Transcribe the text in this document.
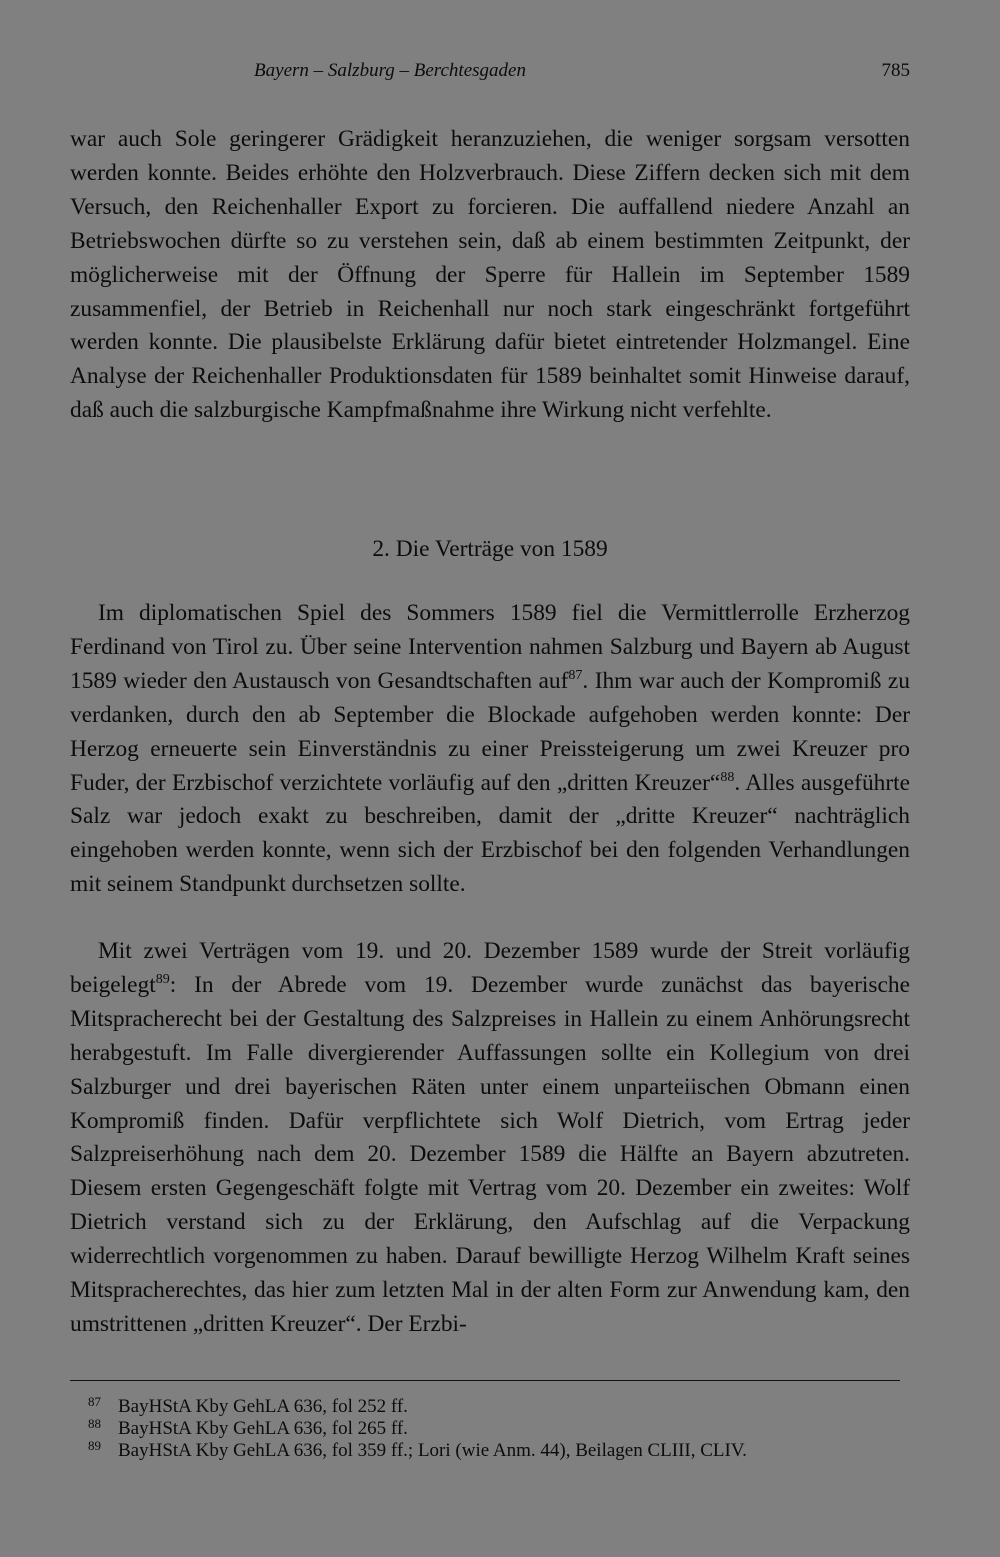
Bayern – Salzburg – Berchtesgaden	785

war auch Sole geringerer Grädigkeit heranzuziehen, die weniger sorgsam versotten werden konnte. Beides erhöhte den Holzverbrauch. Diese Ziffern decken sich mit dem Versuch, den Reichenhaller Export zu forcieren. Die auffallend niedere Anzahl an Betriebswochen dürfte so zu verstehen sein, daß ab einem bestimmten Zeitpunkt, der möglicherweise mit der Öffnung der Sperre für Hallein im September 1589 zusammenfiel, der Betrieb in Reichenhall nur noch stark eingeschränkt fortgeführt werden konnte. Die plausibelste Erklärung dafür bietet eintretender Holzmangel. Eine Analyse der Reichenhaller Produktionsdaten für 1589 beinhaltet somit Hinweise darauf, daß auch die salzburgische Kampfmaßnahme ihre Wirkung nicht verfehlte.

2. Die Verträge von 1589

Im diplomatischen Spiel des Sommers 1589 fiel die Vermittlerrolle Erzherzog Ferdinand von Tirol zu. Über seine Intervention nahmen Salzburg und Bayern ab August 1589 wieder den Austausch von Gesandtschaften auf$^{87}$. Ihm war auch der Kompromiß zu verdanken, durch den ab September die Blockade aufgehoben werden konnte: Der Herzog erneuerte sein Einverständnis zu einer Preissteigerung um zwei Kreuzer pro Fuder, der Erzbischof verzichtete vorläufig auf den „dritten Kreuzer“$^{88}$. Alles ausgeführte Salz war jedoch exakt zu beschreiben, damit der „dritte Kreuzer“ nachträglich eingehoben werden konnte, wenn sich der Erzbischof bei den folgenden Verhandlungen mit seinem Standpunkt durchsetzen sollte.

Mit zwei Verträgen vom 19. und 20. Dezember 1589 wurde der Streit vorläufig beigelegt$^{89}$: In der Abrede vom 19. Dezember wurde zunächst das bayerische Mitspracherecht bei der Gestaltung des Salzpreises in Hallein zu einem Anhörungsrecht herabgestuft. Im Falle divergierender Auffassungen sollte ein Kollegium von drei Salzburger und drei bayerischen Räten unter einem unparteiischen Obmann einen Kompromiß finden. Dafür verpflichtete sich Wolf Dietrich, vom Ertrag jeder Salzpreiserhöhung nach dem 20. Dezember 1589 die Hälfte an Bayern abzutreten. Diesem ersten Gegengeschäft folgte mit Vertrag vom 20. Dezember ein zweites: Wolf Dietrich verstand sich zu der Erklärung, den Aufschlag auf die Verpackung widerrechtlich vorgenommen zu haben. Darauf bewilligte Herzog Wilhelm Kraft seines Mitspracherechtes, das hier zum letzten Mal in der alten Form zur Anwendung kam, den umstrittenen „dritten Kreuzer“. Der Erzbi-

87 BayHStA Kby GehLA 636, fol 252 ff.
88 BayHStA Kby GehLA 636, fol 265 ff.
89 BayHStA Kby GehLA 636, fol 359 ff.; Lori (wie Anm. 44), Beilagen CLIII, CLIV.
